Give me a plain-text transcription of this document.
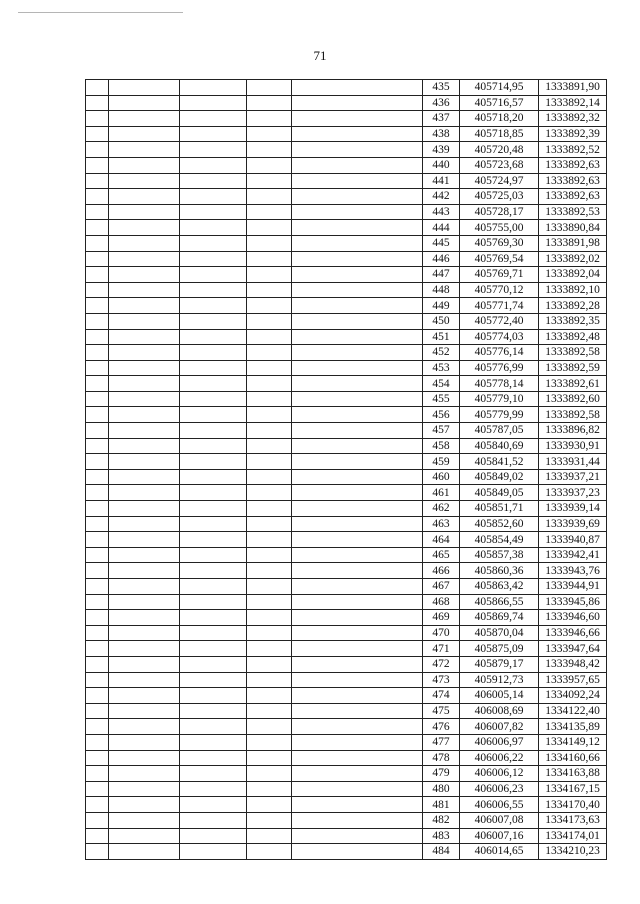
71
					435	405714,95	1333891,90
					436	405716,57	1333892,14
					437	405718,20	1333892,32
					438	405718,85	1333892,39
					439	405720,48	1333892,52
					440	405723,68	1333892,63
					441	405724,97	1333892,63
					442	405725,03	1333892,63
					443	405728,17	1333892,53
					444	405755,00	1333890,84
					445	405769,30	1333891,98
					446	405769,54	1333892,02
					447	405769,71	1333892,04
					448	405770,12	1333892,10
					449	405771,74	1333892,28
					450	405772,40	1333892,35
					451	405774,03	1333892,48
					452	405776,14	1333892,58
					453	405776,99	1333892,59
					454	405778,14	1333892,61
					455	405779,10	1333892,60
					456	405779,99	1333892,58
					457	405787,05	1333896,82
					458	405840,69	1333930,91
					459	405841,52	1333931,44
					460	405849,02	1333937,21
					461	405849,05	1333937,23
					462	405851,71	1333939,14
					463	405852,60	1333939,69
					464	405854,49	1333940,87
					465	405857,38	1333942,41
					466	405860,36	1333943,76
					467	405863,42	1333944,91
					468	405866,55	1333945,86
					469	405869,74	1333946,60
					470	405870,04	1333946,66
					471	405875,09	1333947,64
					472	405879,17	1333948,42
					473	405912,73	1333957,65
					474	406005,14	1334092,24
					475	406008,69	1334122,40
					476	406007,82	1334135,89
					477	406006,97	1334149,12
					478	406006,22	1334160,66
					479	406006,12	1334163,88
					480	406006,23	1334167,15
					481	406006,55	1334170,40
					482	406007,08	1334173,63
					483	406007,16	1334174,01
					484	406014,65	1334210,23
